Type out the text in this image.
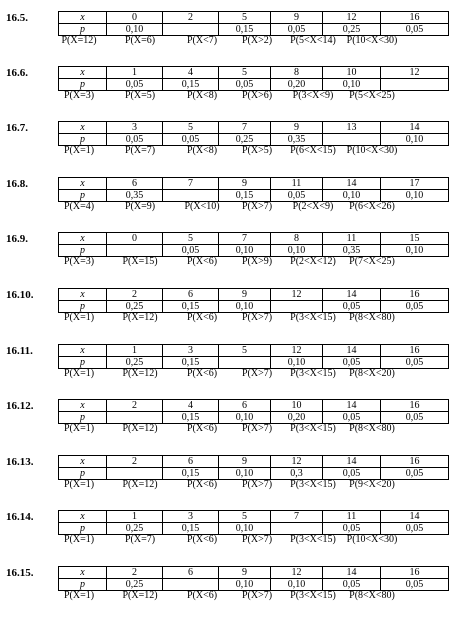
16.5.	x	0	2	5	9	12	16
p	0,10		0,15	0,05	0,25	0,05
P(X=12)	P(X=6)	P(X<7) P(X>2) P(5<X<14) P(10<X<30)
16.6.	x	1	4	5	8	10	12
p	0,05	0,15	0,05	0,20	0,10	
P(X=3)	P(X=5)	P(X<8) P(X>6) P(3<X<9) P(5<X<25)
16.7.	x	3	5	7	9	13	14
p	0,05	0,05	0,25	0,35		0,10
P(X=1)	P(X=7)	P(X<8) P(X>5) P(6<X<15) P(10<X<30)
16.8.	x	6	7	9	11	14	17
p	0,35		0,15	0,05	0,10	0,10
P(X=4)	P(X=9)	P(X<10) P(X>7) P(2<X<9) P(6<X<26)
16.9.	x	0	5	7	8	11	15
p		0,05	0,10	0,10	0,35	0,10
P(X=3)	P(X=15)	P(X<6) P(X>9) P(2<X<12) P(7<X<25)
16.10.	x	2	6	9	12	14	16
p	0,25	0,15	0,10		0,05	0,05
P(X=1)	P(X=12)	P(X<6) P(X>7) P(3<X<15) P(8<X<80)
16.11.	x	1	3	5	12	14	16
p	0,25	0,15		0,10	0,05	0,05
P(X=1)	P(X=12)	P(X<6) P(X>7) P(3<X<15) P(8<X<20)
16.12.	x	2	4	6	10	14	16
p		0,15	0,10	0,20	0,05	0,05
P(X=1)	P(X=12)	P(X<6) P(X>7) P(3<X<15) P(8<X<80)
16.13.	x	2	6	9	12	14	16
p		0,15	0,10	0,3	0,05	0,05
P(X=1)	P(X=12)	P(X<6) P(X>7) P(3<X<15) P(9<X<20)
16.14.	x	1	3	5	7	11	14
p	0,25	0,15	0,10		0,05	0,05
P(X=1)	P(X=7)	P(X<6) P(X>7) P(3<X<15) P(10<X<30)
16.15.	x	2	6	9	12	14	16
p	0,25		0,10	0,10	0,05	0,05
P(X=1)	P(X=12)	P(X<6) P(X>7) P(3<X<15) P(8<X<80)
